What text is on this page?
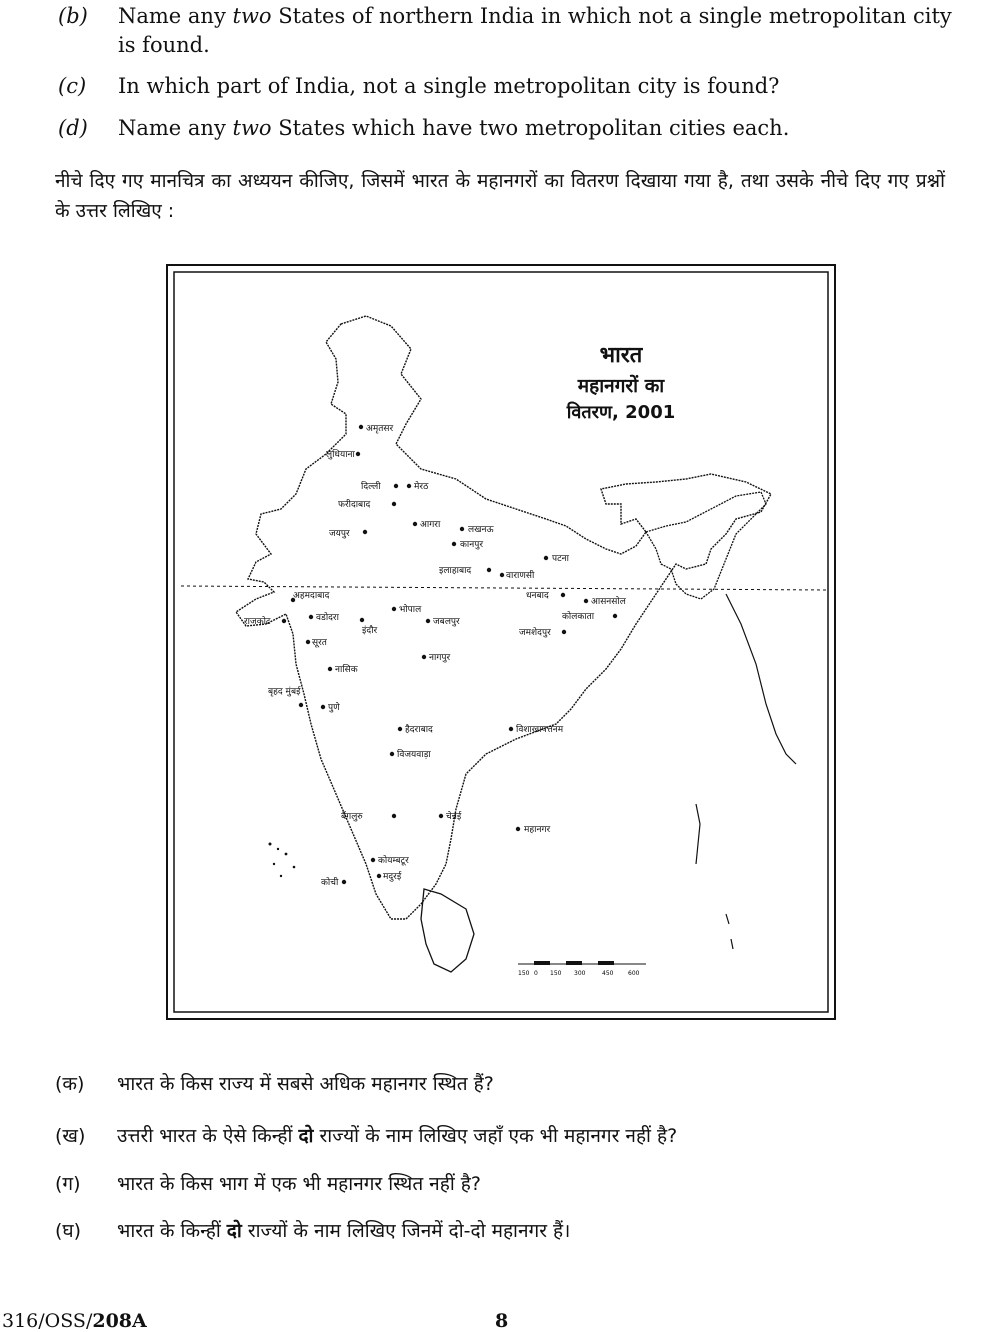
(b) Name any two States of northern India in which not a single metropolitan city is found.
(c) In which part of India, not a single metropolitan city is found?
(d) Name any two States which have two metropolitan cities each.
नीचे दिए गए मानचित्र का अध्ययन कीजिए, जिसमें भारत के महानगरों का वितरण दिखाया गया है, तथा उसके नीचे दिए गए प्रश्नों के उत्तर लिखिए :
भारत
महानगरों का
वितरण, 2001
अमृतसर
लुधियाना
दिल्ली	मेरठ
फरीदाबाद
जयपुर
आगरा	लखनऊ
कानपुर
पटना
इलाहाबाद	वाराणसी
धनबाद
आसनसोल
अहमदाबाद
भोपाल
राजकोट	वडोदरा
इंदौर
जबलपुर	कोलकाता
जमशेदपुर
सूरत
नागपुर
नासिक
बृहद मुंबई
पुणे
विशाखापत्तनम
हैदराबाद
विजयवाड़ा
चेन्नई
बैंगलुरु
कोयम्बटूर
मदुरई
कोची
महानगर
150 0 150 300	450 600
(क) भारत के किस राज्य में सबसे अधिक महानगर स्थित हैं?
(ख) उत्तरी भारत के ऐसे किन्हीं दो राज्यों के नाम लिखिए जहाँ एक भी महानगर नहीं है?
(ग) भारत के किस भाग में एक भी महानगर स्थित नहीं है?
(घ) भारत के किन्हीं दो राज्यों के नाम लिखिए जिनमें दो-दो महानगर हैं।
316/OSS/208A	8
